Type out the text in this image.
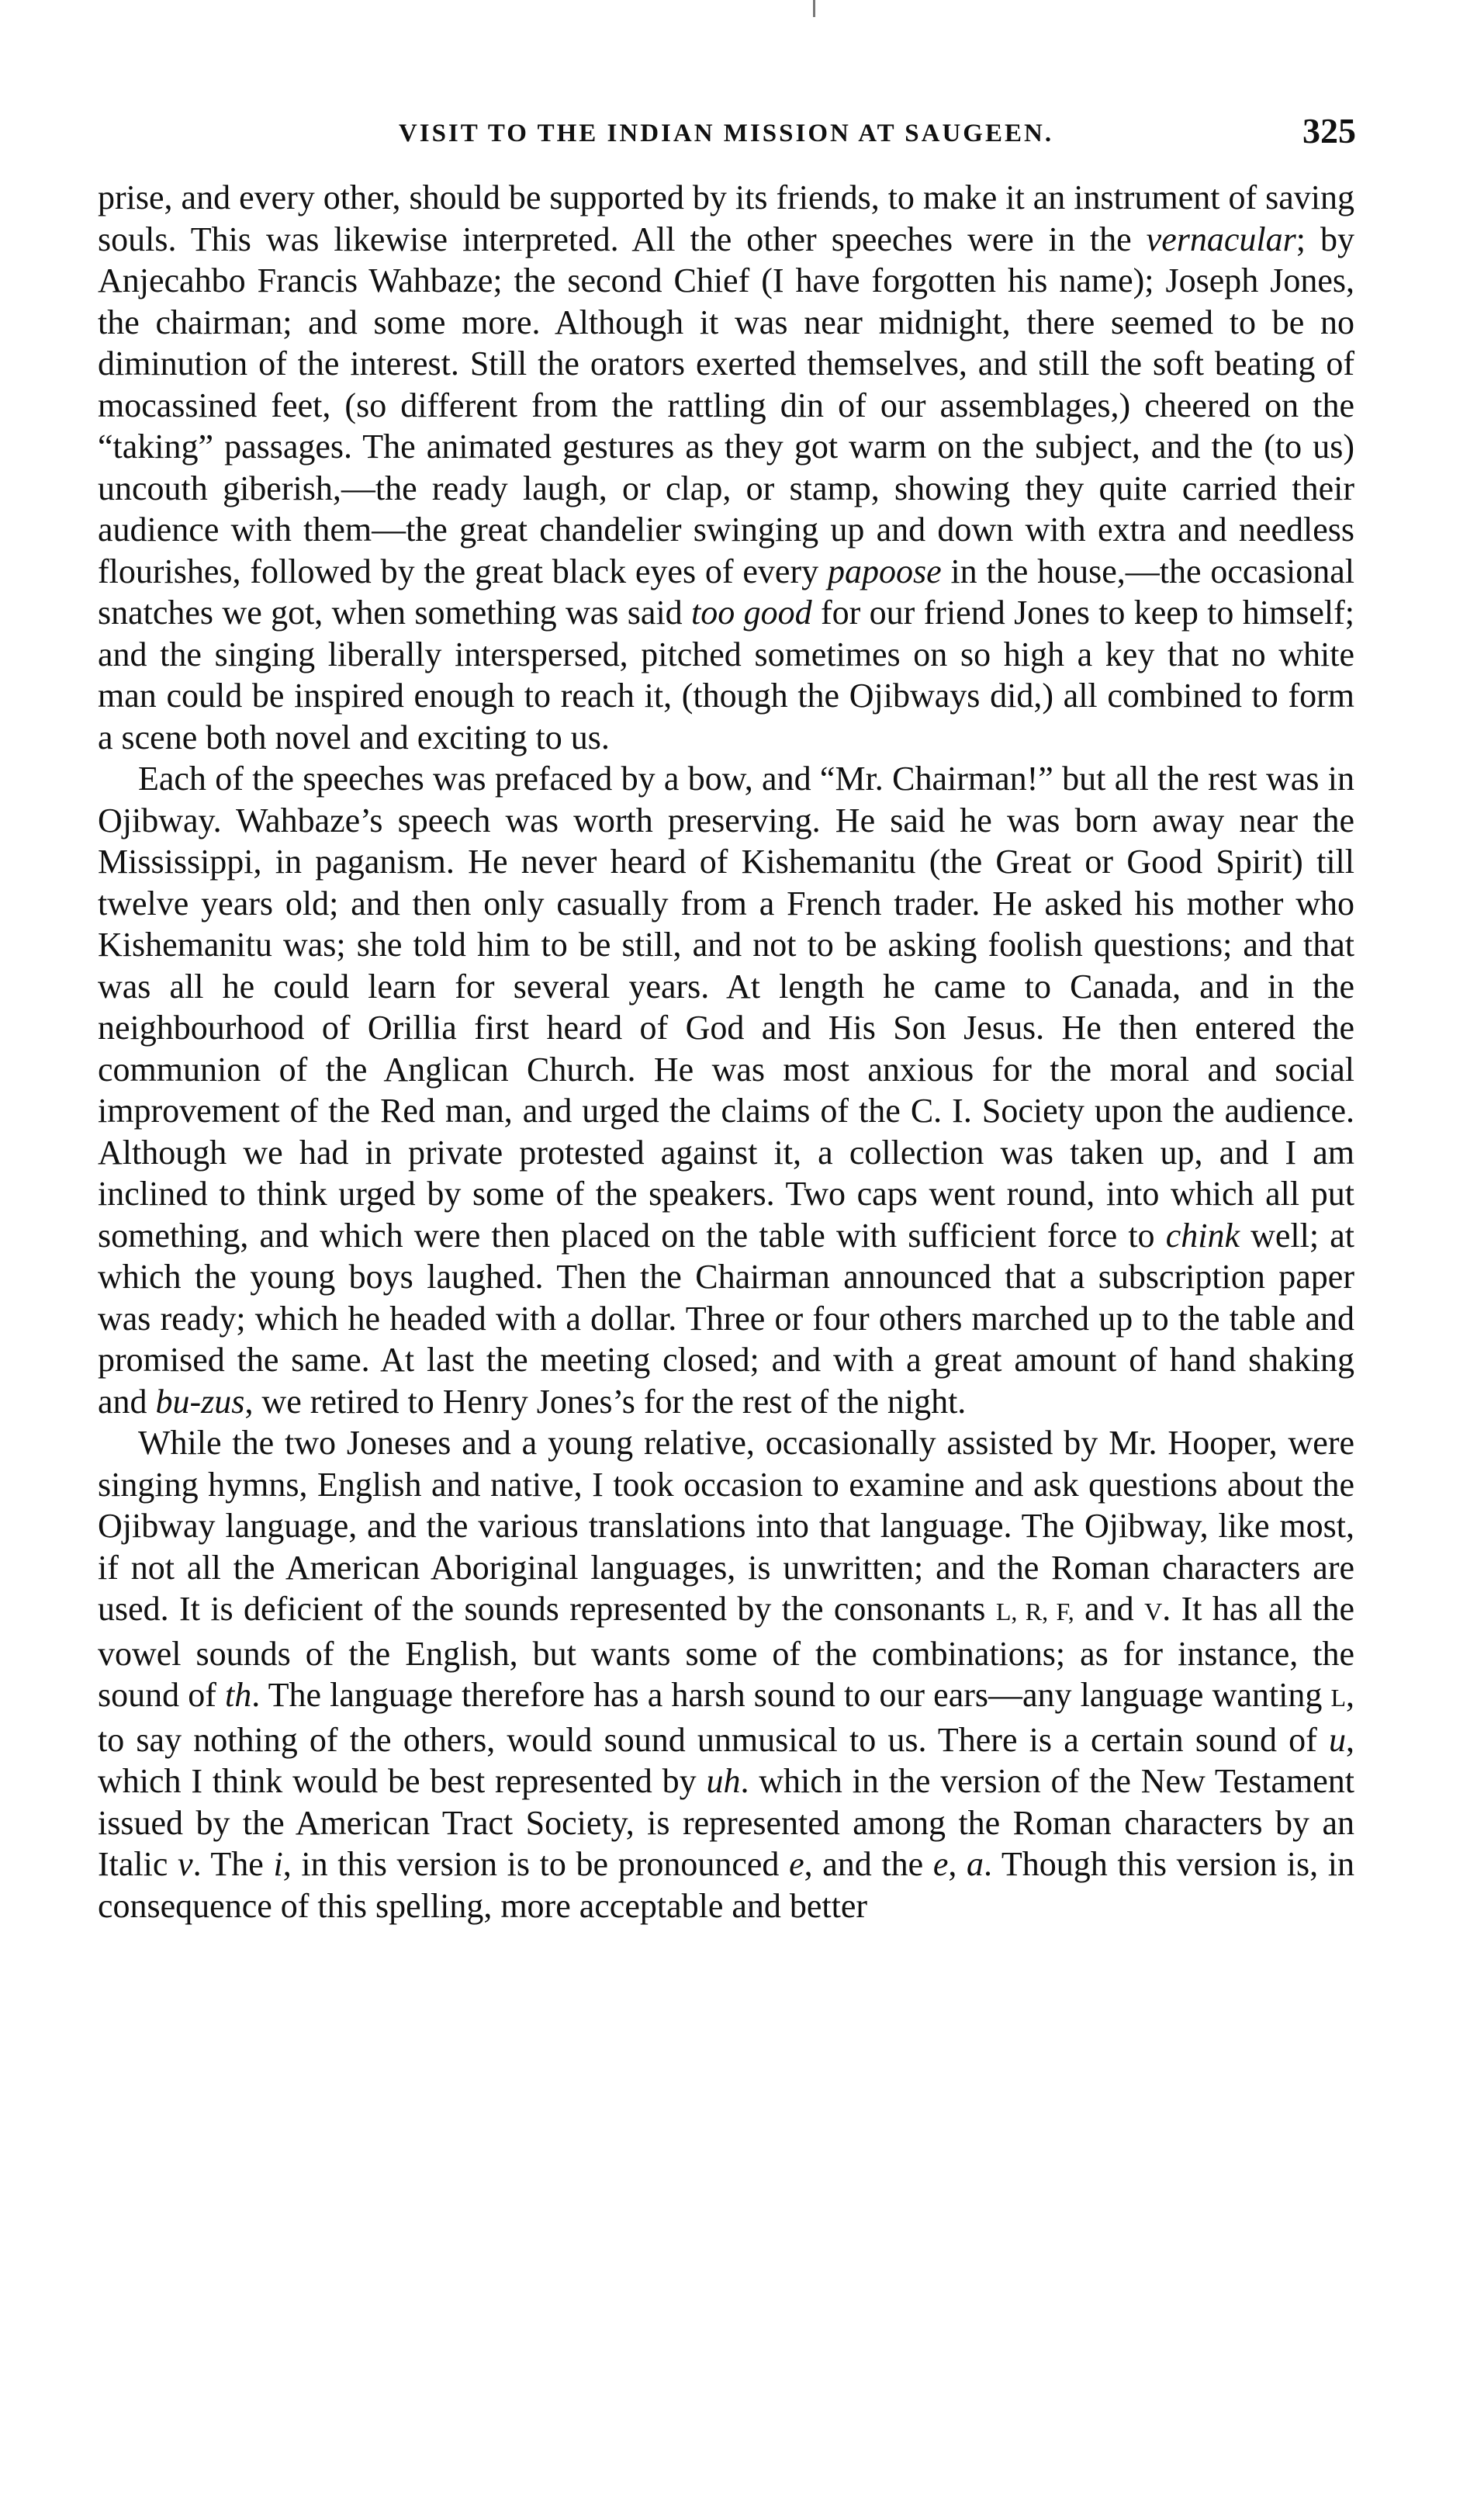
VISIT TO THE INDIAN MISSION AT SAUGEEN.	325

prise, and every other, should be supported by its friends, to make it an instrument of saving souls. This was likewise interpreted. All the other speeches were in the vernacular; by Anjecahbo Francis Wahbaze; the second Chief (I have forgotten his name); Joseph Jones, the chairman; and some more. Although it was near midnight, there seemed to be no diminution of the interest. Still the orators exerted themselves, and still the soft beating of mocassined feet, (so different from the rattling din of our assemblages,) cheered on the “taking” passages. The animated gestures as they got warm on the subject, and the (to us) uncouth giberish,—the ready laugh, or clap, or stamp, showing they quite carried their audience with them—the great chandelier swinging up and down with extra and needless flourishes, followed by the great black eyes of every papoose in the house,—the occasional snatches we got, when something was said too good for our friend Jones to keep to himself; and the singing liberally interspersed, pitched sometimes on so high a key that no white man could be inspired enough to reach it, (though the Ojibways did,) all combined to form a scene both novel and exciting to us.

Each of the speeches was prefaced by a bow, and “Mr. Chairman!” but all the rest was in Ojibway. Wahbaze’s speech was worth preserving. He said he was born away near the Mississippi, in paganism. He never heard of Kishemanitu (the Great or Good Spirit) till twelve years old; and then only casually from a French trader. He asked his mother who Kishemanitu was; she told him to be still, and not to be asking foolish questions; and that was all he could learn for several years. At length he came to Canada, and in the neighbourhood of Orillia first heard of God and His Son Jesus. He then entered the communion of the Anglican Church. He was most anxious for the moral and social improvement of the Red man, and urged the claims of the C. I. Society upon the audience. Although we had in private protested against it, a collection was taken up, and I am inclined to think urged by some of the speakers. Two caps went round, into which all put something, and which were then placed on the table with sufficient force to chink well; at which the young boys laughed. Then the Chairman announced that a subscription paper was ready; which he headed with a dollar. Three or four others marched up to the table and promised the same. At last the meeting closed; and with a great amount of hand shaking and bu-zus, we retired to Henry Jones’s for the rest of the night.

While the two Joneses and a young relative, occasionally assisted by Mr. Hooper, were singing hymns, English and native, I took occasion to examine and ask questions about the Ojibway language, and the various translations into that language. The Ojibway, like most, if not all the American Aboriginal languages, is unwritten; and the Roman characters are used. It is deficient of the sounds represented by the consonants L, R, F, and V. It has all the vowel sounds of the English, but wants some of the combinations; as for instance, the sound of th. The language therefore has a harsh sound to our ears—any language wanting L, to say nothing of the others, would sound unmusical to us. There is a certain sound of u, which I think would be best represented by uh. which in the version of the New Testament issued by the American Tract Society, is represented among the Roman characters by an Italic v. The i, in this version is to be pronounced e, and the e, a. Though this version is, in consequence of this spelling, more acceptable and better
